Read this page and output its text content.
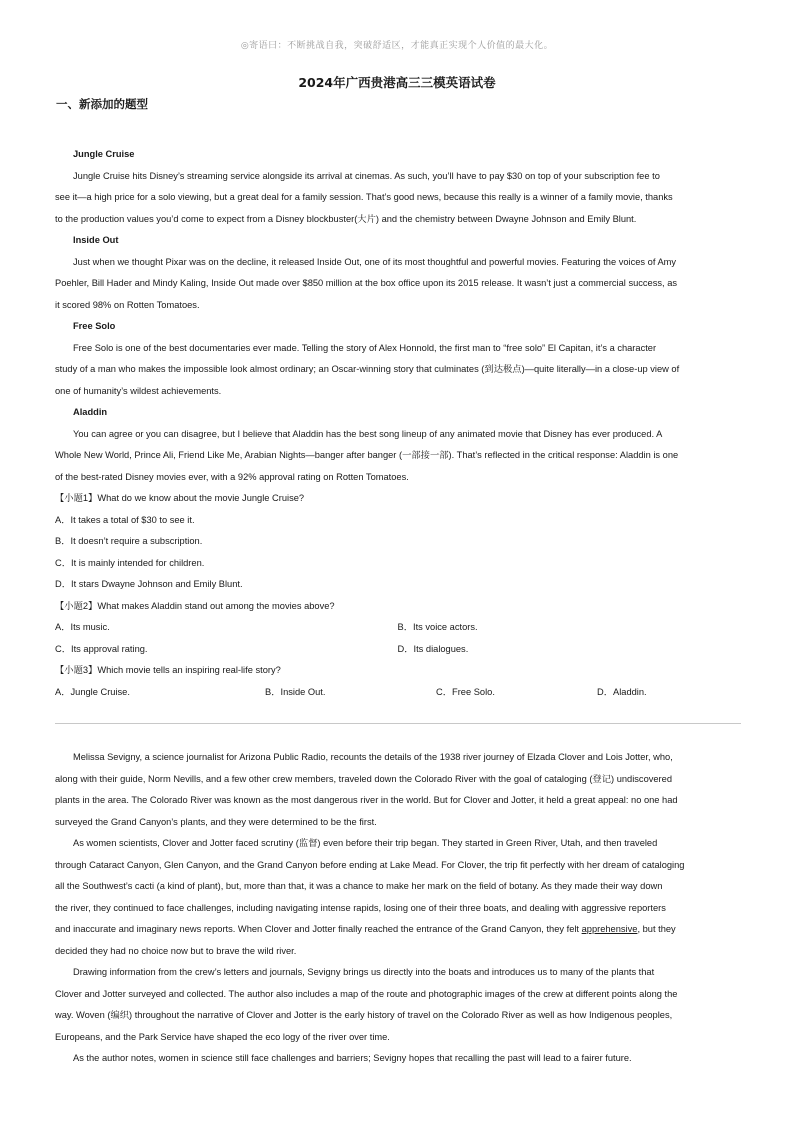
◎寄语曰：不断挑战自我，突破舒适区，才能真正实现个人价值的最大化。
2024年广西贵港高三三模英语试卷
一、新添加的题型
Jungle Cruise
Jungle Cruise hits Disney’s streaming service alongside its arrival at cinemas. As such, you’ll have to pay $30 on top of your subscription fee to
see it—a high price for a solo viewing, but a great deal for a family session. That’s good news, because this really is a winner of a family movie, thanks
to the production values you’d come to expect from a Disney blockbuster(大片) and the chemistry between Dwayne Johnson and Emily Blunt.
Inside Out
Just when we thought Pixar was on the decline, it released Inside Out, one of its most thoughtful and powerful movies. Featuring the voices of Amy
Poehler, Bill Hader and Mindy Kaling, Inside Out made over $850 million at the box office upon its 2015 release. It wasn’t just a commercial success, as
it scored 98% on Rotten Tomatoes.
Free Solo
Free Solo is one of the best documentaries ever made. Telling the story of Alex Honnold, the first man to “free solo” El Capitan, it’s a character
study of a man who makes the impossible look almost ordinary; an Oscar-winning story that culminates (到达极点)—quite literally—in a close-up view of
one of humanity’s wildest achievements.
Aladdin
You can agree or you can disagree, but I believe that Aladdin has the best song lineup of any animated movie that Disney has ever produced. A
Whole New World, Prince Ali, Friend Like Me, Arabian Nights—banger after banger (一部接一部). That’s reflected in the critical response: Aladdin is one
of the best-rated Disney movies ever, with a 92% approval rating on Rotten Tomatoes.
【小题1】What do we know about the movie Jungle Cruise?
A．It takes a total of $30 to see it.
B．It doesn’t require a subscription.
C．It is mainly intended for children.
D．It stars Dwayne Johnson and Emily Blunt.
【小题2】What makes Aladdin stand out among the movies above?
A．Its music.	B．Its voice actors.
C．Its approval rating.	D．Its dialogues.
【小题3】Which movie tells an inspiring real-life story?
A．Jungle Cruise.	B．Inside Out.	C．Free Solo.	D．Aladdin.
Melissa Sevigny, a science journalist for Arizona Public Radio, recounts the details of the 1938 river journey of Elzada Clover and Lois Jotter, who,
along with their guide, Norm Nevills, and a few other crew members, traveled down the Colorado River with the goal of cataloging (登记) undiscovered
plants in the area. The Colorado River was known as the most dangerous river in the world. But for Clover and Jotter, it held a great appeal: no one had
surveyed the Grand Canyon’s plants, and they were determined to be the first.
As women scientists, Clover and Jotter faced scrutiny (监督) even before their trip began. They started in Green River, Utah, and then traveled
through Cataract Canyon, Glen Canyon, and the Grand Canyon before ending at Lake Mead. For Clover, the trip fit perfectly with her dream of cataloging
all the Southwest’s cacti (a kind of plant), but, more than that, it was a chance to make her mark on the field of botany. As they made their way down
the river, they continued to face challenges, including navigating intense rapids, losing one of their three boats, and dealing with aggressive reporters
and inaccurate and imaginary news reports. When Clover and Jotter finally reached the entrance of the Grand Canyon, they felt apprehensive, but they
decided they had no choice now but to brave the wild river.
Drawing information from the crew’s letters and journals, Sevigny brings us directly into the boats and introduces us to many of the plants that
Clover and Jotter surveyed and collected. The author also includes a map of the route and photographic images of the crew at different points along the
way. Woven (编织) throughout the narrative of Clover and Jotter is the early history of travel on the Colorado River as well as how Indigenous peoples,
Europeans, and the Park Service have shaped the eco logy of the river over time.
As the author notes, women in science still face challenges and barriers; Sevigny hopes that recalling the past will lead to a fairer future.
